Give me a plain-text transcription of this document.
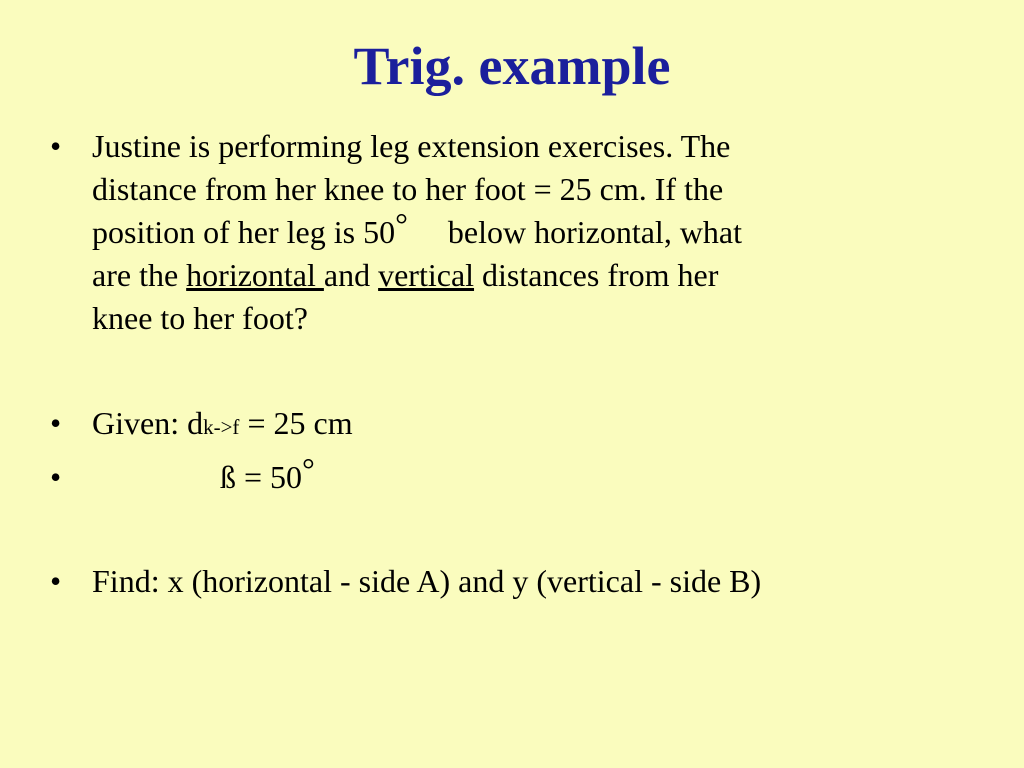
Trig. example
• Justine is performing leg extension exercises. The
distance from her knee to her foot = 25 cm. If the
position of her leg is 50° below horizontal, what
are the horizontal and vertical distances from her
knee to her foot?
• Given: dk->f = 25 cm
•	ß = 50°
• Find: x (horizontal - side A) and y (vertical - side B)
